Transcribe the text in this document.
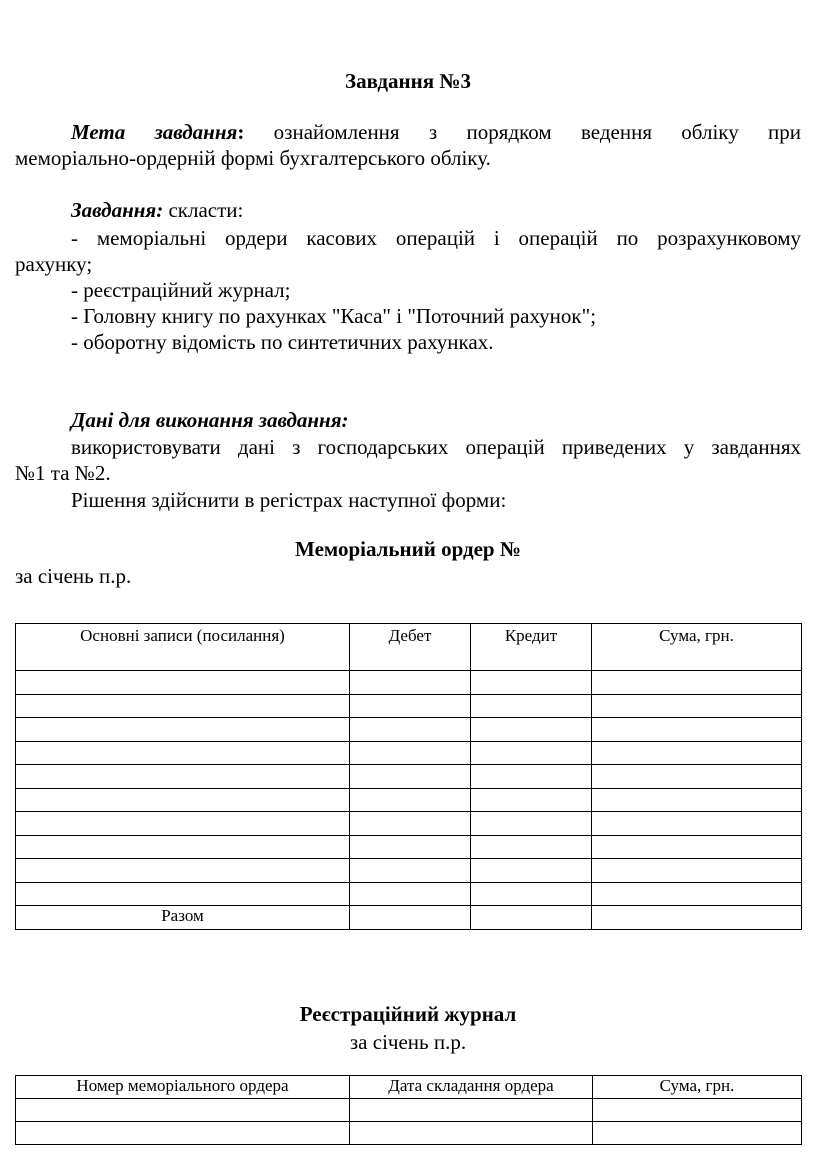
Завдання №3
Мета завдання: ознайомлення з порядком ведення обліку при
меморіально-ордерній формі бухгалтерського обліку.
Завдання: скласти:
- меморіальні ордери касових операцій і операцій по розрахунковому
рахунку;
- реєстраційний журнал;
- Головну книгу по рахунках "Каса" і "Поточний рахунок";
- оборотну відомість по синтетичних рахунках.
Дані для виконання завдання:
використовувати дані з господарських операцій приведених у завданнях
№1 та №2.
Рішення здійснити в регістрах наступної форми:
Меморіальний ордер №
за січень п.р.
Основні записи (посилання)	Дебет	Кредит	Сума, грн.

Разом			
Реєстраційний журнал
за січень п.р.
Номер меморіального ордера	Дата складання ордера	Сума, грн.
